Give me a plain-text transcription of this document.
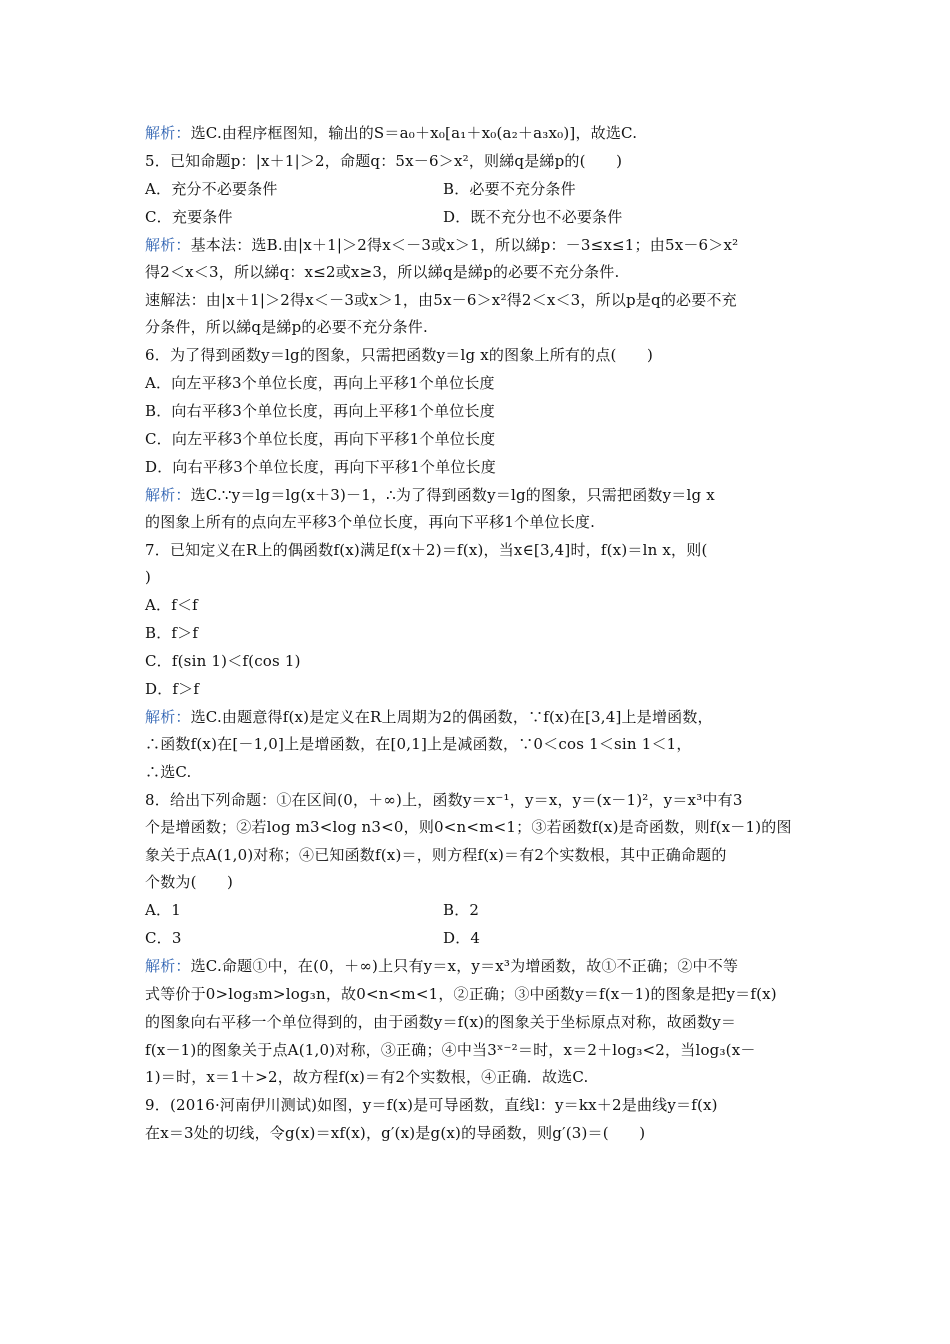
解析：选C.由程序框图知，输出的S＝a₀＋x₀[a₁＋x₀(a₂＋a₃x₀)]，故选C.
5．已知命题p：|x＋1|＞2，命题q：5x－6＞x²，则綈q是綈p的(　　)
A．充分不必要条件	B．必要不充分条件
C．充要条件	D．既不充分也不必要条件
解析：基本法：选B.由|x＋1|＞2得x＜－3或x＞1，所以綈p：－3≤x≤1；由5x－6＞x²
得2＜x＜3，所以綈q：x≤2或x≥3，所以綈q是綈p的必要不充分条件.
速解法：由|x＋1|＞2得x＜－3或x＞1，由5x－6＞x²得2＜x＜3，所以p是q的必要不充
分条件，所以綈q是綈p的必要不充分条件.
6．为了得到函数y＝lg的图象，只需把函数y＝lg x的图象上所有的点(　　)
A．向左平移3个单位长度，再向上平移1个单位长度
B．向右平移3个单位长度，再向上平移1个单位长度
C．向左平移3个单位长度，再向下平移1个单位长度
D．向右平移3个单位长度，再向下平移1个单位长度
解析：选C.∵y＝lg＝lg(x＋3)－1，∴为了得到函数y＝lg的图象，只需把函数y＝lg x
的图象上所有的点向左平移3个单位长度，再向下平移1个单位长度.
7．已知定义在R上的偶函数f(x)满足f(x＋2)＝f(x)，当x∈[3,4]时，f(x)＝ln x，则(
)
A．f＜f
B．f＞f
C．f(sin 1)＜f(cos 1)
D．f＞f
解析：选C.由题意得f(x)是定义在R上周期为2的偶函数，∵f(x)在[3,4]上是增函数，
∴函数f(x)在[－1,0]上是增函数，在[0,1]上是减函数，∵0＜cos 1＜sin 1＜1，
∴选C.
8．给出下列命题：①在区间(0，＋∞)上，函数y＝x⁻¹，y＝x，y＝(x－1)²，y＝x³中有3
个是增函数；②若log m3<log n3<0，则0<n<m<1；③若函数f(x)是奇函数，则f(x－1)的图
象关于点A(1,0)对称；④已知函数f(x)＝，则方程f(x)＝有2个实数根，其中正确命题的
个数为(　　)
A．1	B．2
C．3	D．4
解析：选C.命题①中，在(0，＋∞)上只有y＝x，y＝x³为增函数，故①不正确；②中不等
式等价于0>log₃m>log₃n，故0<n<m<1，②正确；③中函数y＝f(x－1)的图象是把y＝f(x)
的图象向右平移一个单位得到的，由于函数y＝f(x)的图象关于坐标原点对称，故函数y＝
f(x－1)的图象关于点A(1,0)对称，③正确；④中当3ˣ⁻²＝时，x＝2＋log₃<2，当log₃(x－
1)＝时，x＝1＋>2，故方程f(x)＝有2个实数根，④正确．故选C.
9．(2016·河南伊川测试)如图，y＝f(x)是可导函数，直线l：y＝kx＋2是曲线y＝f(x)
在x＝3处的切线，令g(x)＝xf(x)，g′(x)是g(x)的导函数，则g′(3)＝(　　)
